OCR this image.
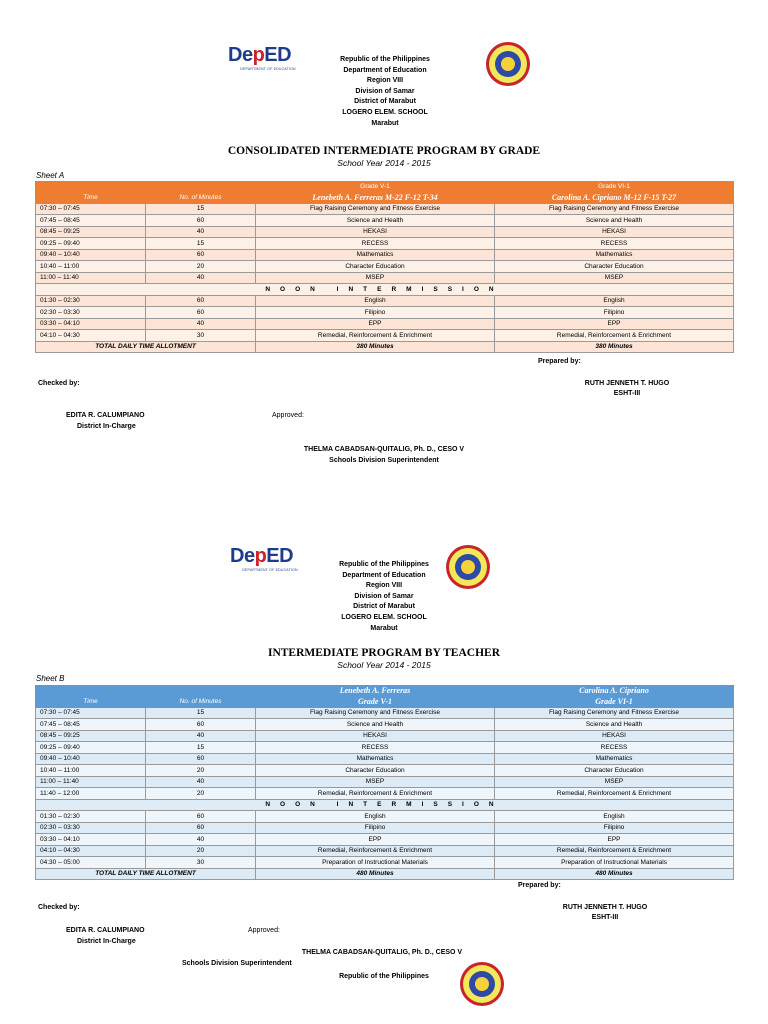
DepED
DEPARTMENT OF EDUCATION
Republic of the Philippines
Department of Education
Region VIII
Division of Samar
District of Marabut
LOGERO ELEM. SCHOOL
Marabut
CONSOLIDATED INTERMEDIATE PROGRAM BY GRADE
School Year 2014 - 2015
Sheet A
		Grade V-1	Grade VI-1
Time	No. of Minutes	Lenebeth A. Ferreras M-22 F-12 T-34	Carolina A. Cipriano M-12 F-15 T-27
07:30 – 07:45	15	Flag Raising Ceremony and Fitness Exercise	Flag Raising Ceremony and Fitness Exercise
07:45 – 08:45	60	Science and Health	Science and Health
08:45 – 09:25	40	HEKASI	HEKASI
09:25 – 09:40	15	RECESS	RECESS
09:40 – 10:40	60	Mathematics	Mathematics
10:40 – 11:00	20	Character Education	Character Education
11:00 – 11:40	40	MSEP	MSEP
NOON INTERMISSION			
01:30 – 02:30	60	English	English
02:30 – 03:30	60	Filipino	Filipino
03:30 – 04:10	40	EPP	EPP
04:10 – 04:30	30	Remedial, Reinforcement & Enrichment	Remedial, Reinforcement & Enrichment
TOTAL DAILY TIME ALLOTMENT		380 Minutes	380 Minutes
Prepared by:
Checked by:	RUTH JENNETH T. HUGO
ESHT-III
EDITA R. CALUMPIANO
District In-Charge
Approved:
THELMA CABADSAN-QUITALIG, Ph. D., CESO V
Schools Division Superintendent
DepED
DEPARTMENT OF EDUCATION
Republic of the Philippines
Department of Education
Region VIII
Division of Samar
District of Marabut
LOGERO ELEM. SCHOOL
Marabut
INTERMEDIATE PROGRAM BY TEACHER
School Year 2014 - 2015
Sheet B
		Lenebeth A. Ferreras	Carolina A. Cipriano
Time	No. of Minutes	Grade V-1	Grade VI-1
07:30 – 07:45	15	Flag Raising Ceremony and Fitness Exercise	Flag Raising Ceremony and Fitness Exercise
07:45 – 08:45	60	Science and Health	Science and Health
08:45 – 09:25	40	HEKASI	HEKASI
09:25 – 09:40	15	RECESS	RECESS
09:40 – 10:40	60	Mathematics	Mathematics
10:40 – 11:00	20	Character Education	Character Education
11:00 – 11:40	40	MSEP	MSEP
11:40 – 12:00	20	Remedial, Reinforcement & Enrichment	Remedial, Reinforcement & Enrichment
NOON INTERMISSION			
01:30 – 02:30	60	English	English
02:30 – 03:30	60	Filipino	Filipino
03:30 – 04:10	40	EPP	EPP
04:10 – 04:30	20	Remedial, Reinforcement & Enrichment	Remedial, Reinforcement & Enrichment
04:30 – 05:00	30	Preparation of Instructional Materials	Preparation of Instructional Materials
TOTAL DAILY TIME ALLOTMENT		480 Minutes	480 Minutes
Prepared by:
Checked by:	RUTH JENNETH T. HUGO
ESHT-III
EDITA R. CALUMPIANO
District In-Charge
Approved:
THELMA CABADSAN-QUITALIG, Ph. D., CESO V
Schools Division Superintendent
Republic of the Philippines
